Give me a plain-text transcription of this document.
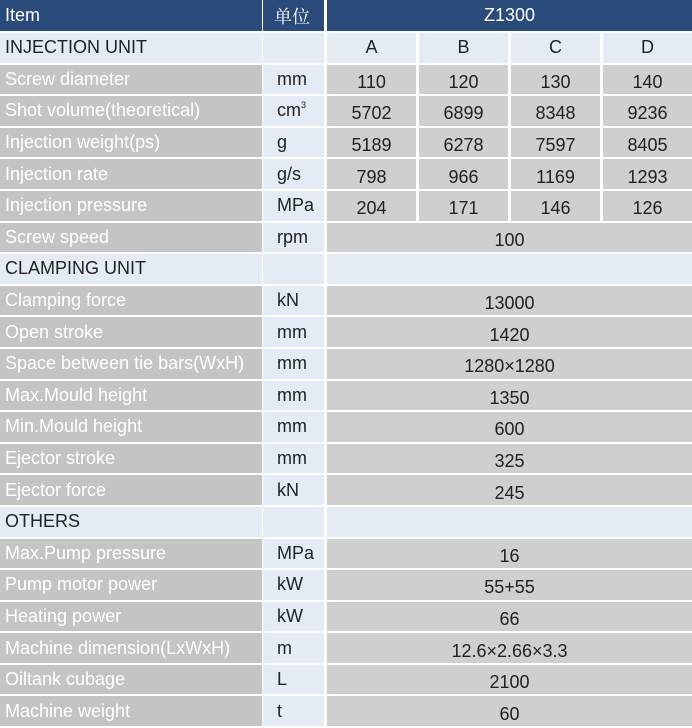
Item	单位	Z1300			
INJECTION UNIT		A	B	C	D
Screw diameter	mm	110	120	130	140
Shot volume(theoretical)	$cm^3$	5702	6899	8348	9236
Injection weight(ps)	g	5189	6278	7597	8405
Injection rate	g/s	798	966	1169	1293
Injection pressure	MPa	204	171	146	126
Screw speed	rpm	100			
CLAMPING UNIT					
Clamping force	kN	13000			
Open stroke	mm	1420			
Space between tie bars(WxH)	mm	1280×1280			
Max.Mould height	mm	1350			
Min.Mould height	mm	600			
Ejector stroke	mm	325			
Ejector force	kN	245			
OTHERS					
Max.Pump pressure	MPa	16			
Pump motor power	kW	55+55			
Heating power	kW	66			
Machine dimension(LxWxH)	m	12.6×2.66×3.3			
Oiltank cubage	L	2100			
Machine weight	t	60			
